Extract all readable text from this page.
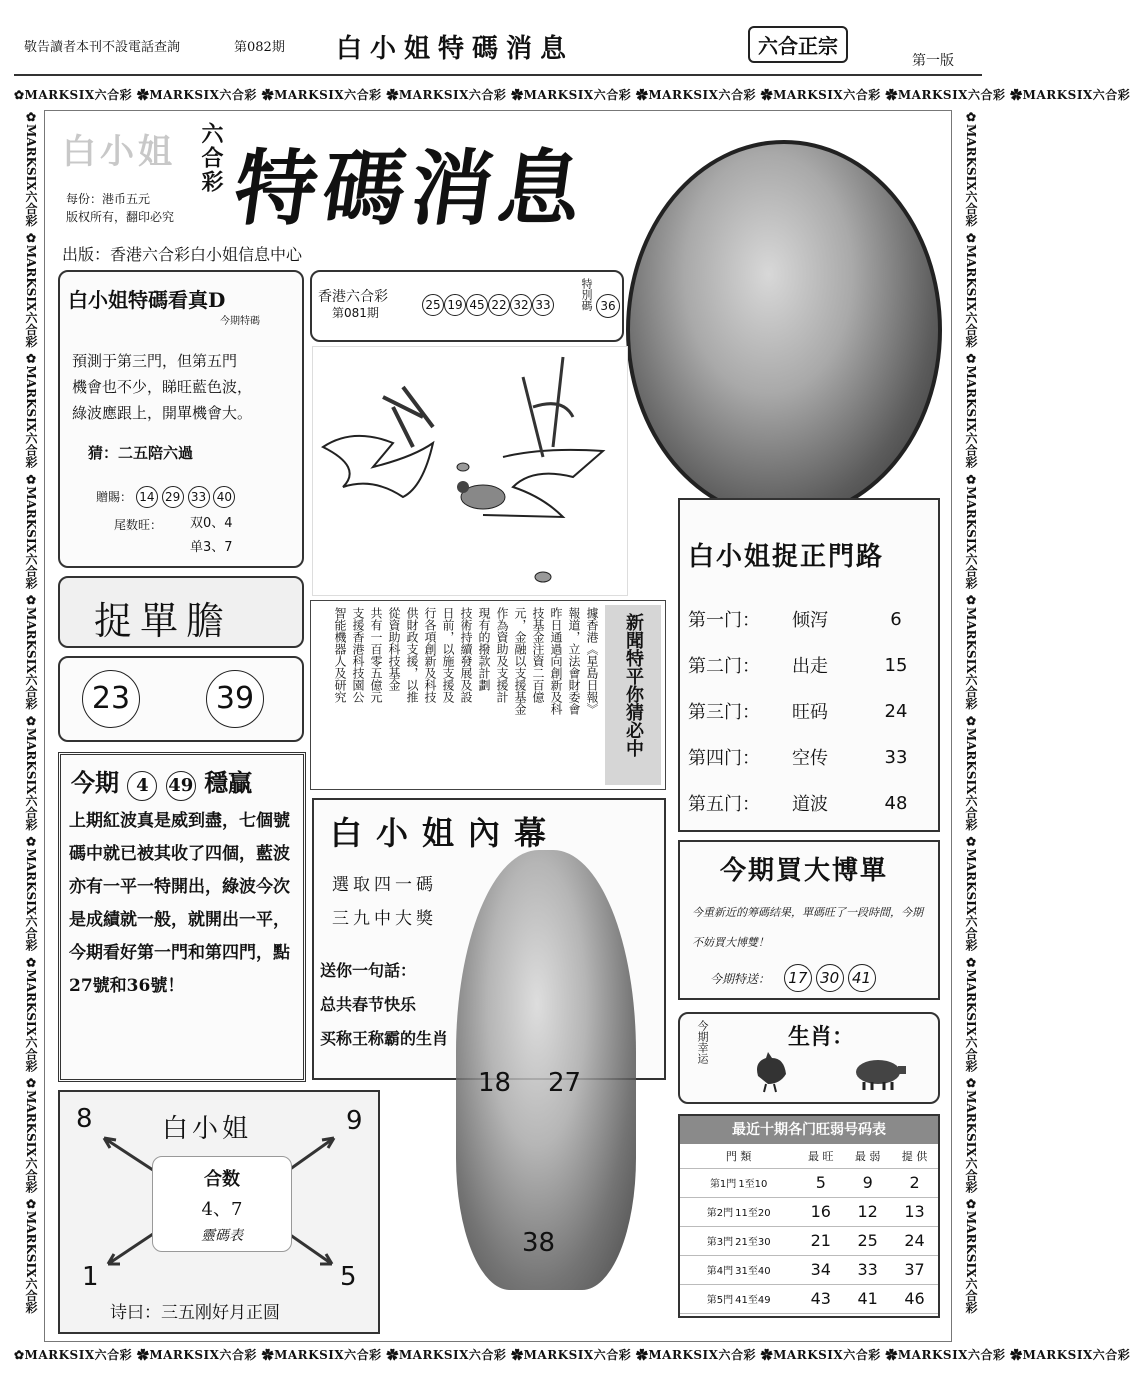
敬告讀者本刊不設電話查詢	第082期 白小姐特碼消息	六合正宗
第一版
✿MARKSIX六合彩 ✿MARKSIX六合彩 ✿MARKSIX六合彩 ✿MARKSIX六合彩 ✿MARKSIX六合彩 ✿MARKSIX六合彩 ✿MARKSIX六合彩 ✿MARKSIX六合彩 ✿MARKSIX六合彩
✿MARKSIX六合彩 ✿MARKSIX六合彩 ✿MARKSIX六合彩 ✿MARKSIX六合彩 ✿MARKSIX六合彩 ✿MARKSIX六合彩 ✿MARKSIX六合彩 ✿MARKSIX六合彩 ✿MARKSIX六合彩
✿MARKSIX六合彩 ✿MARKSIX六合彩 ✿MARKSIX六合彩 ✿MARKSIX六合彩 ✿MARKSIX六合彩 ✿MARKSIX六合彩 ✿MARKSIX六合彩 ✿MARKSIX六合彩 ✿MARKSIX六合彩 ✿MARKSIX六合彩	✿MARKSIX六合彩 ✿MARKSIX六合彩 ✿MARKSIX六合彩 ✿MARKSIX六合彩 ✿MARKSIX六合彩 ✿MARKSIX六合彩 ✿MARKSIX六合彩 ✿MARKSIX六合彩 ✿MARKSIX六合彩 ✿MARKSIX六合彩
白小姐 六合彩 特碼消息
每份：港币五元
版权所有，翻印必究
出版：香港六合彩白小姐信息中心
香港六合彩
第081期
25 19 45 22 32 33	特別碼 36
白小姐特碼看真D
今期特碼
預測于第三門，但第五門
機會也不少，睇旺藍色波，
綠波應跟上，開單機會大。
猜：二五陪六過
贈賜： 14 29 33 40
尾数旺： 双0、4
单3、7
捉單膽
23	39	據香港《星島日報》
報道，立法會財委會
昨日通過向創新及科
技基金注資二百億
元，金融以支援基金
作為資助及支援計
現有的撥款計劃
技術持續發展及設
日前，以施支援及
行各項創新及科技
供財政支援，以推
從資助科技基金
共有一百零五億元
支援香港科技園公
智能機器人及研究	新聞特平你猜必中
今期 4 49 穩贏
上期紅波真是威到盡，七個號碼中就已被其收了四個，藍波亦有一平一特開出，綠波今次是成績就一般，就開出一平，今期看好第一門和第四門，點27號和36號！
白小姐內幕
選取四一碼
三九中大獎
送你一句話：
总共春节快乐
买称王称霸的生肖
18 27
38
白小姐捉正門路
第一门：	倾泻	6
第二门：	出走	15
第三门：	旺码	24
第四门：	空传	33
第五门：	道波	48
今期買大博單
今重新近的筹碼结果，單碼旺了一段時間，今期不妨買大博雙！
今期特送： 17 30 41
今期幸运	生肖：
最近十期各门旺弱号码表
門 類	最 旺	最 弱	提 供
第1門 1至10	5	9	2
第2門 11至20	16	12	13
第3門 21至30	21	25	24
第4門 31至40	34	33	37
第5門 41至49	43	41	46
白小姐
8	9
1	5
合数
4、7
靈碼表
诗曰：三五刚好月正圆
